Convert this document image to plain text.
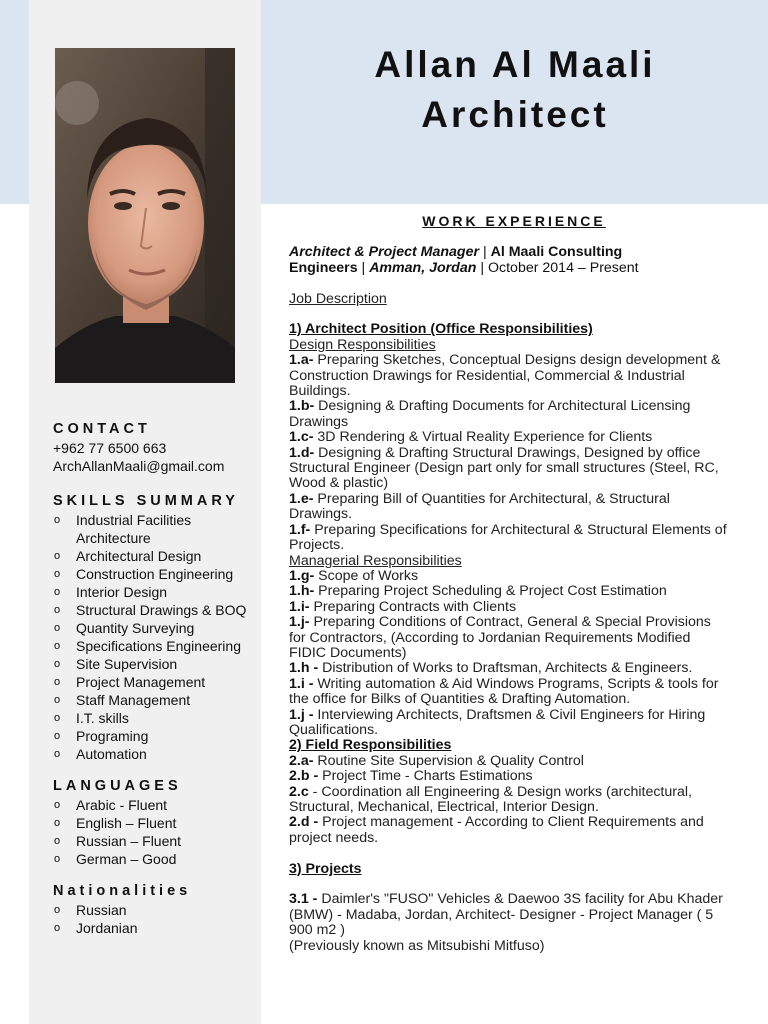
Allan Al Maali
Architect
CONTACT
+962 77 6500 663
ArchAllanMaali@gmail.com
SKILLS SUMMARY
o Industrial Facilities Architecture
o Architectural Design
o Construction Engineering
o Interior Design
o Structural Drawings & BOQ
o Quantity Surveying
o Specifications Engineering
o Site Supervision
o Project Management
o Staff Management
o I.T. skills
o Programing
o Automation
LANGUAGES
o Arabic - Fluent
o English – Fluent
o Russian – Fluent
o German – Good
Nationalities
o Russian
o Jordanian
WORK EXPERIENCE
Architect & Project Manager | Al Maali Consulting
Engineers | Amman, Jordan | October 2014 – Present
Job Description
1) Architect Position (Office Responsibilities)
Design Responsibilities
1.a- Preparing Sketches, Conceptual Designs design development &
Construction Drawings for Residential, Commercial & Industrial
Buildings.
1.b- Designing & Drafting Documents for Architectural Licensing
Drawings
1.c- 3D Rendering & Virtual Reality Experience for Clients
1.d- Designing & Drafting Structural Drawings, Designed by office
Structural Engineer (Design part only for small structures (Steel, RC,
Wood & plastic)
1.e- Preparing Bill of Quantities for Architectural, & Structural
Drawings.
1.f- Preparing Specifications for Architectural & Structural Elements of
Projects.
Managerial Responsibilities
1.g- Scope of Works
1.h- Preparing Project Scheduling & Project Cost Estimation
1.i- Preparing Contracts with Clients
1.j- Preparing Conditions of Contract, General & Special Provisions
for Contractors, (According to Jordanian Requirements Modified
FIDIC Documents)
1.h - Distribution of Works to Draftsman, Architects & Engineers.
1.i - Writing automation & Aid Windows Programs, Scripts & tools for
the office for Bilks of Quantities & Drafting Automation.
1.j - Interviewing Architects, Draftsmen & Civil Engineers for Hiring
Qualifications.
2) Field Responsibilities
2.a- Routine Site Supervision & Quality Control
2.b - Project Time - Charts Estimations
2.c - Coordination all Engineering & Design works (architectural,
Structural, Mechanical, Electrical, Interior Design.
2.d - Project management - According to Client Requirements and
project needs.
3) Projects
3.1 - Daimler's "FUSO" Vehicles & Daewoo 3S facility for Abu Khader
(BMW) - Madaba, Jordan, Architect- Designer - Project Manager ( 5
900 m2 )
(Previously known as Mitsubishi Mitfuso)
